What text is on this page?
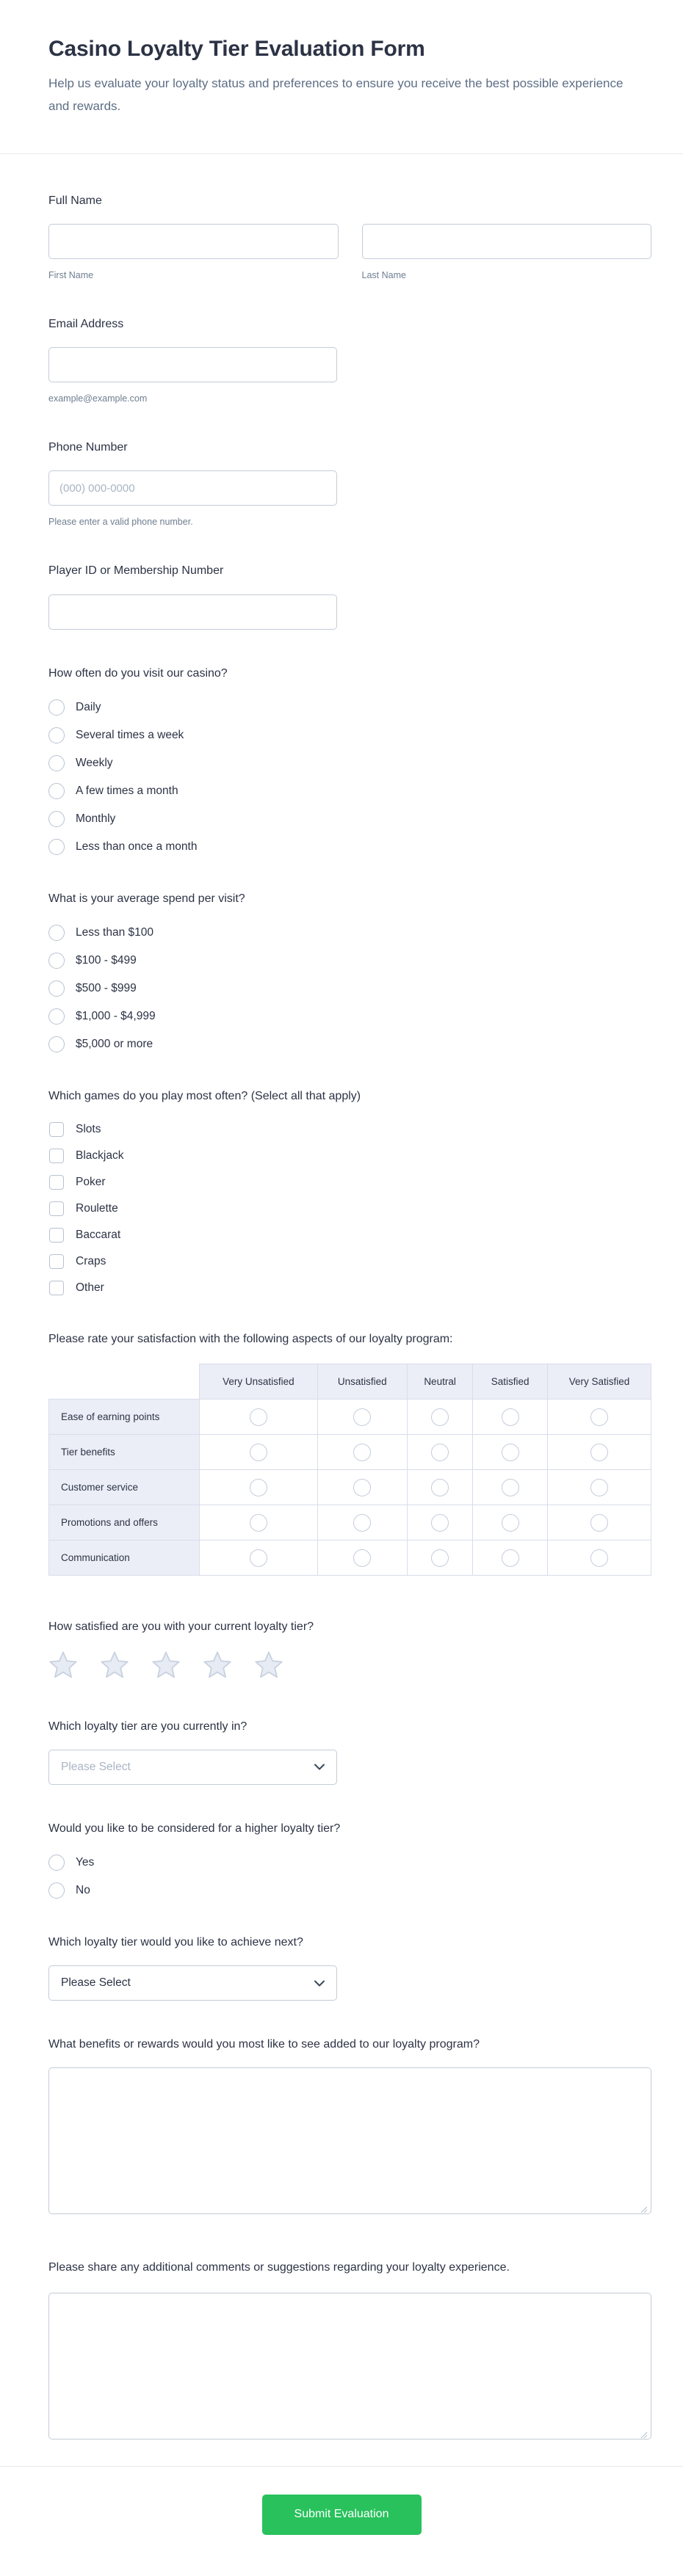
Casino Loyalty Tier Evaluation Form

Help us evaluate your loyalty status and preferences to ensure you receive the best possible experience and rewards.

Full Name
First Name	Last Name
Email Address
example@example.com
Phone Number
(000) 000-0000
Please enter a valid phone number.
Player ID or Membership Number
How often do you visit our casino?
Daily
Several times a week
Weekly
A few times a month
Monthly
Less than once a month
What is your average spend per visit?
Less than $100
$100 - $499
$500 - $999
$1,000 - $4,999
$5,000 or more
Which games do you play most often? (Select all that apply)
Slots
Blackjack
Poker
Roulette
Baccarat
Craps
Other
Please rate your satisfaction with the following aspects of our loyalty program:
	Very Unsatisfied	Unsatisfied	Neutral	Satisfied	Very Satisfied
Ease of earning points					
Tier benefits					
Customer service					
Promotions and offers					
Communication					
How satisfied are you with your current loyalty tier?
Which loyalty tier are you currently in?
Please Select
Would you like to be considered for a higher loyalty tier?
Yes
No
Which loyalty tier would you like to achieve next?
Please Select
What benefits or rewards would you most like to see added to our loyalty program?
Please share any additional comments or suggestions regarding your loyalty experience.
Submit Evaluation
